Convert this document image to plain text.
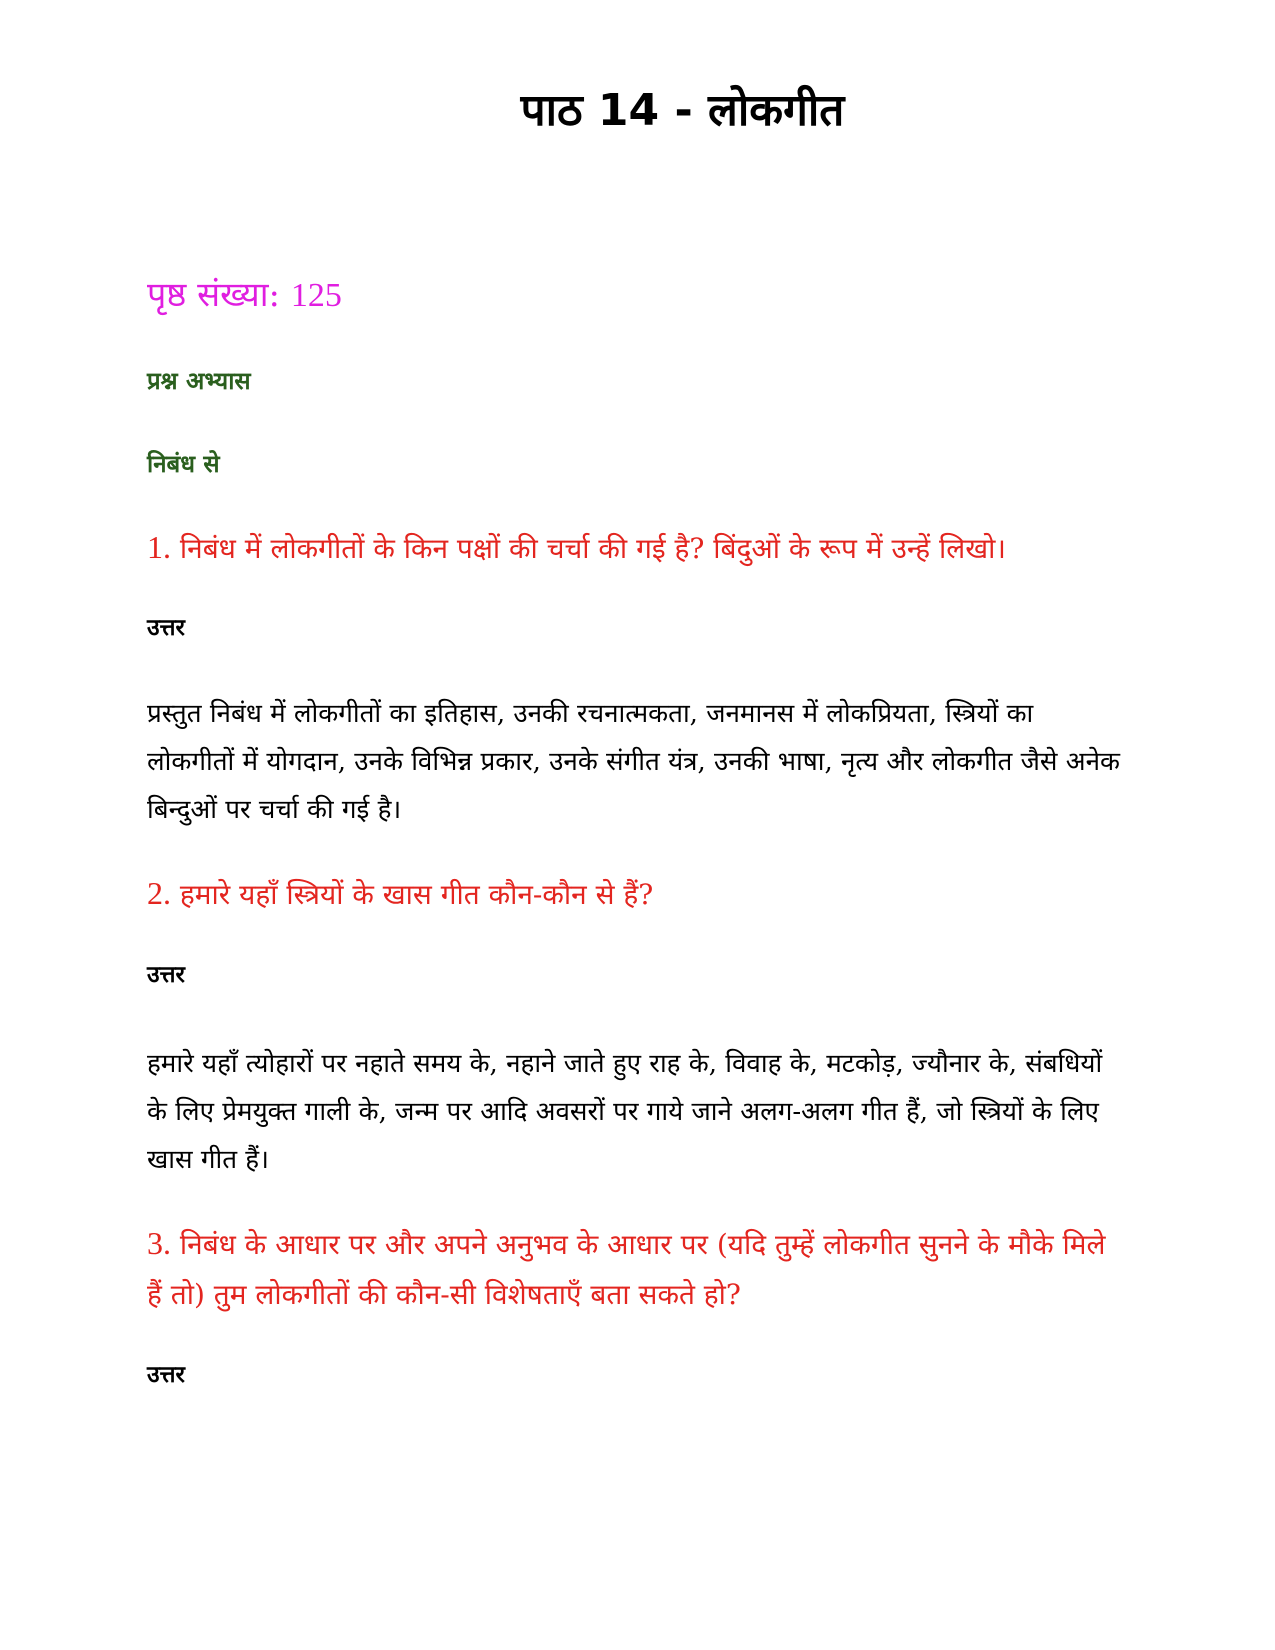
पाठ 14 - लोकगीत
पृष्ठ संख्या: 125
प्रश्न अभ्यास
निबंध से
1. निबंध में लोकगीतों के किन पक्षों की चर्चा की गई है? बिंदुओं के रूप में उन्हें लिखो।
उत्तर
प्रस्तुत निबंध में लोकगीतों का इतिहास, उनकी रचनात्मकता, जनमानस में लोकप्रियता, स्त्रियों का लोकगीतों में योगदान, उनके विभिन्न प्रकार, उनके संगीत यंत्र, उनकी भाषा, नृत्य और लोकगीत जैसे अनेक बिन्दुओं पर चर्चा की गई है।
2. हमारे यहाँ स्त्रियों के खास गीत कौन-कौन से हैं?
उत्तर
हमारे यहाँ त्योहारों पर नहाते समय के, नहाने जाते हुए राह के, विवाह के, मटकोड़, ज्यौनार के, संबधियों के लिए प्रेमयुक्त गाली के, जन्म पर आदि अवसरों पर गाये जाने अलग-अलग गीत हैं, जो स्त्रियों के लिए खास गीत हैं।
3. निबंध के आधार पर और अपने अनुभव के आधार पर (यदि तुम्हें लोकगीत सुनने के मौके मिले हैं तो) तुम लोकगीतों की कौन-सी विशेषताएँ बता सकते हो?
उत्तर
